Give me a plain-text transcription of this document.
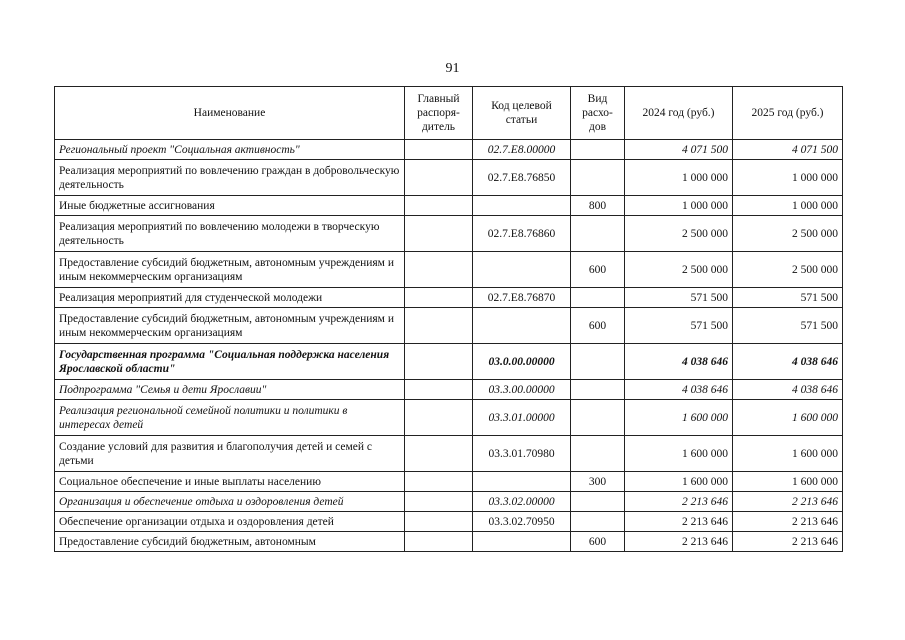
91
Наименование	Главный распоря-дитель	Код целевой статьи	Вид расхо-дов	2024 год (руб.)	2025 год (руб.)
Региональный проект "Социальная активность"		02.7.E8.00000		4 071 500	4 071 500
Реализация мероприятий по вовлечению граждан в добровольческую деятельность		02.7.E8.76850		1 000 000	1 000 000
Иные бюджетные ассигнования			800	1 000 000	1 000 000
Реализация мероприятий по вовлечению молодежи в творческую деятельность		02.7.E8.76860		2 500 000	2 500 000
Предоставление субсидий бюджетным, автономным учреждениям и иным некоммерческим организациям			600	2 500 000	2 500 000
Реализация мероприятий для студенческой молодежи		02.7.E8.76870		571 500	571 500
Предоставление субсидий бюджетным, автономным учреждениям и иным некоммерческим организациям			600	571 500	571 500
Государственная программа "Социальная поддержка населения Ярославской области"		03.0.00.00000		4 038 646	4 038 646
Подпрограмма "Семья и дети Ярославии"		03.3.00.00000		4 038 646	4 038 646
Реализация региональной семейной политики и политики в интересах детей		03.3.01.00000		1 600 000	1 600 000
Создание условий для развития и благополучия детей и семей с детьми		03.3.01.70980		1 600 000	1 600 000
Социальное обеспечение и иные выплаты населению			300	1 600 000	1 600 000
Организация и обеспечение отдыха и оздоровления детей		03.3.02.00000		2 213 646	2 213 646
Обеспечение организации отдыха и оздоровления детей		03.3.02.70950		2 213 646	2 213 646
Предоставление субсидий бюджетным, автономным			600	2 213 646	2 213 646
